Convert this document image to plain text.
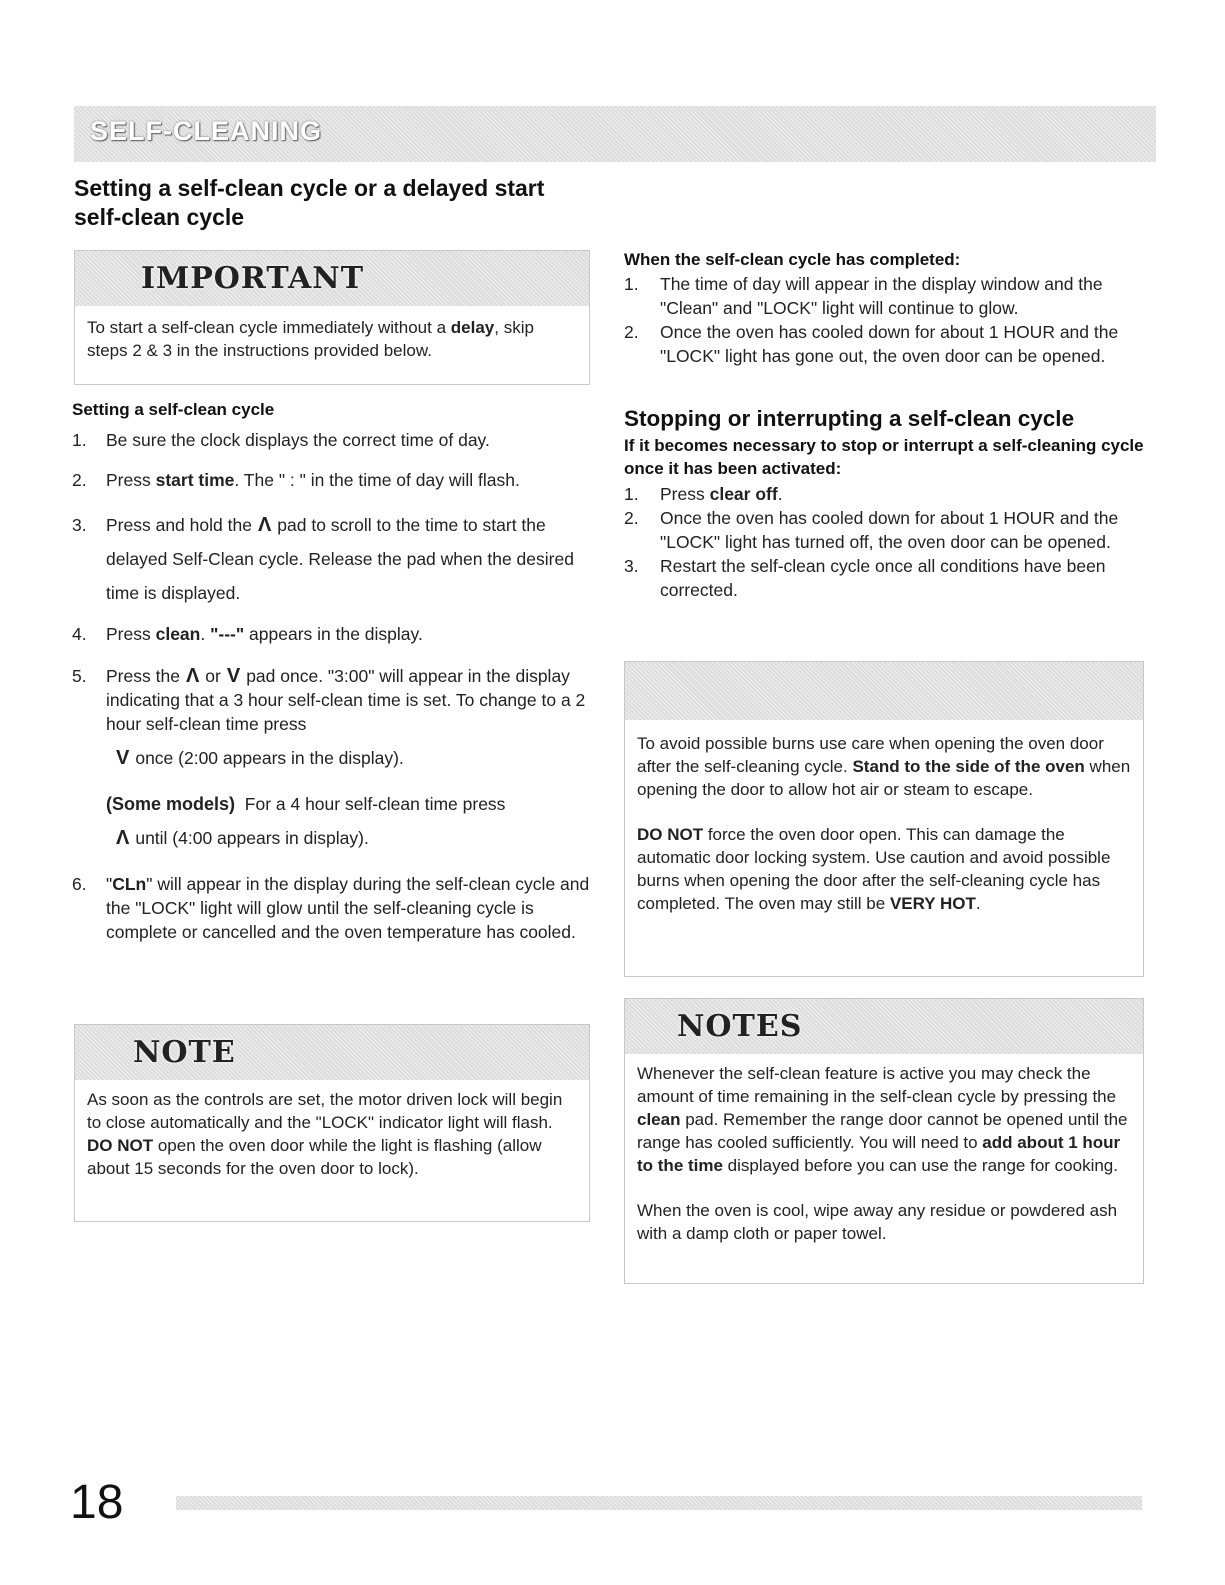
SELF-CLEANING
Setting a self-clean cycle or a delayed start self-clean cycle
IMPORTANT
To start a self-clean cycle immediately without a delay, skip steps 2 & 3 in the instructions provided below.
Setting a self-clean cycle
1. Be sure the clock displays the correct time of day.
2. Press start time. The " : " in the time of day will flash.
3. Press and hold the Λ pad to scroll to the time to start the delayed Self-Clean cycle. Release the pad when the desired time is displayed.
4. Press clean. "---" appears in the display.
5. Press the Λ or V pad once. "3:00" will appear in the display indicating that a 3 hour self-clean time is set. To change to a 2 hour self-clean time press
V once (2:00 appears in the display).
(Some models) For a 4 hour self-clean time press
Λ until (4:00 appears in display).
6. "CLn" will appear in the display during the self-clean cycle and the "LOCK" light will glow until the self-cleaning cycle is complete or cancelled and the oven temperature has cooled.
NOTE
As soon as the controls are set, the motor driven lock will begin to close automatically and the "LOCK" indicator light will flash. DO NOT open the oven door while the light is flashing (allow about 15 seconds for the oven door to lock).
When the self-clean cycle has completed:
1. The time of day will appear in the display window and the "Clean" and "LOCK" light will continue to glow.
2. Once the oven has cooled down for about 1 HOUR and the "LOCK" light has gone out, the oven door can be opened.
Stopping or interrupting a self-clean cycle
If it becomes necessary to stop or interrupt a self-cleaning cycle once it has been activated:
1. Press clear off.
2. Once the oven has cooled down for about 1 HOUR and the "LOCK" light has turned off, the oven door can be opened.
3. Restart the self-clean cycle once all conditions have been corrected.

To avoid possible burns use care when opening the oven door after the self-cleaning cycle. Stand to the side of the oven when opening the door to allow hot air or steam to escape.

DO NOT force the oven door open. This can damage the automatic door locking system. Use caution and avoid possible burns when opening the door after the self-cleaning cycle has completed. The oven may still be VERY HOT.

NOTES

Whenever the self-clean feature is active you may check the amount of time remaining in the self-clean cycle by pressing the clean pad. Remember the range door cannot be opened until the range has cooled sufficiently. You will need to add about 1 hour to the time displayed before you can use the range for cooking.

When the oven is cool, wipe away any residue or powdered ash with a damp cloth or paper towel.

18
